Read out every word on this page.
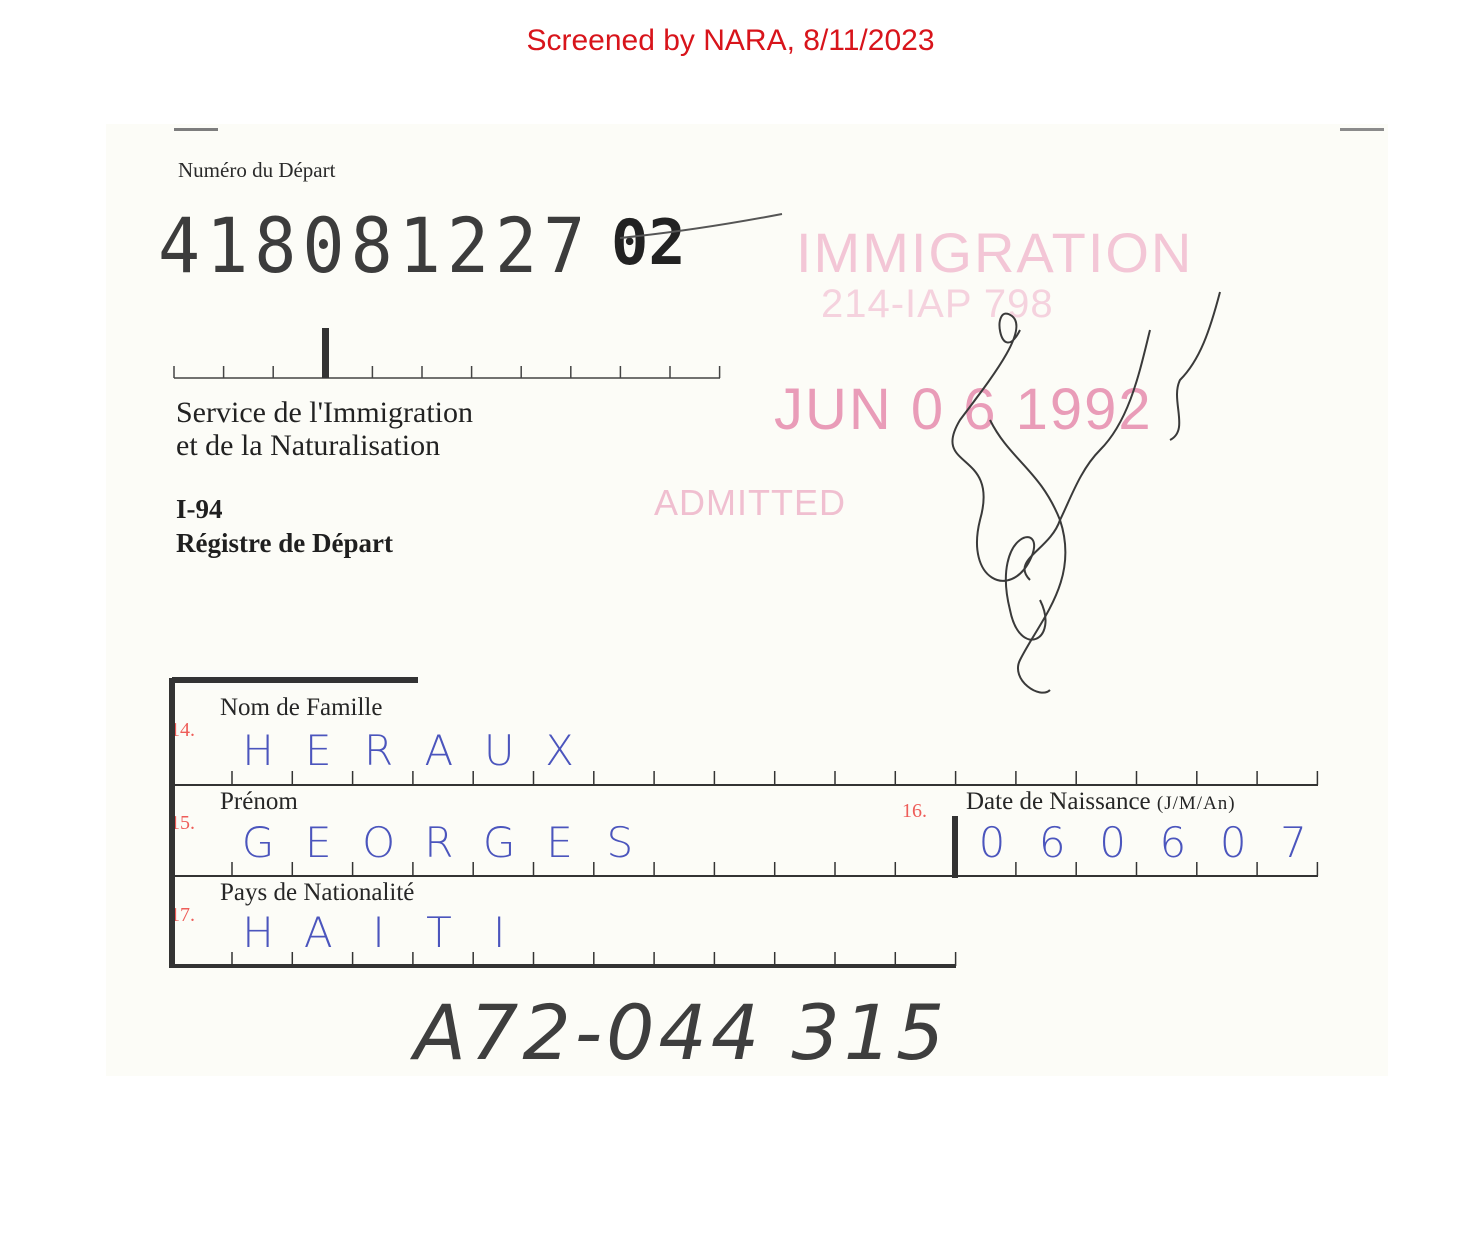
Screened by NARA, 8/11/2023
Numéro du Départ
418081227 02 IMMIGRATION
214-IAP 798
JUN 0 6 1992
ADMITTED
Service de l'Immigration
et de la Naturalisation
I-94
Régistre de Départ
14.
Nom de Famille
15.
Prénom	16. Date de Naissance (J/M/An)
17.
Pays de Nationalité
H E R A U X
G E O R G E S	0 6 0 6 0 7
H A I T I
A72-044 315
